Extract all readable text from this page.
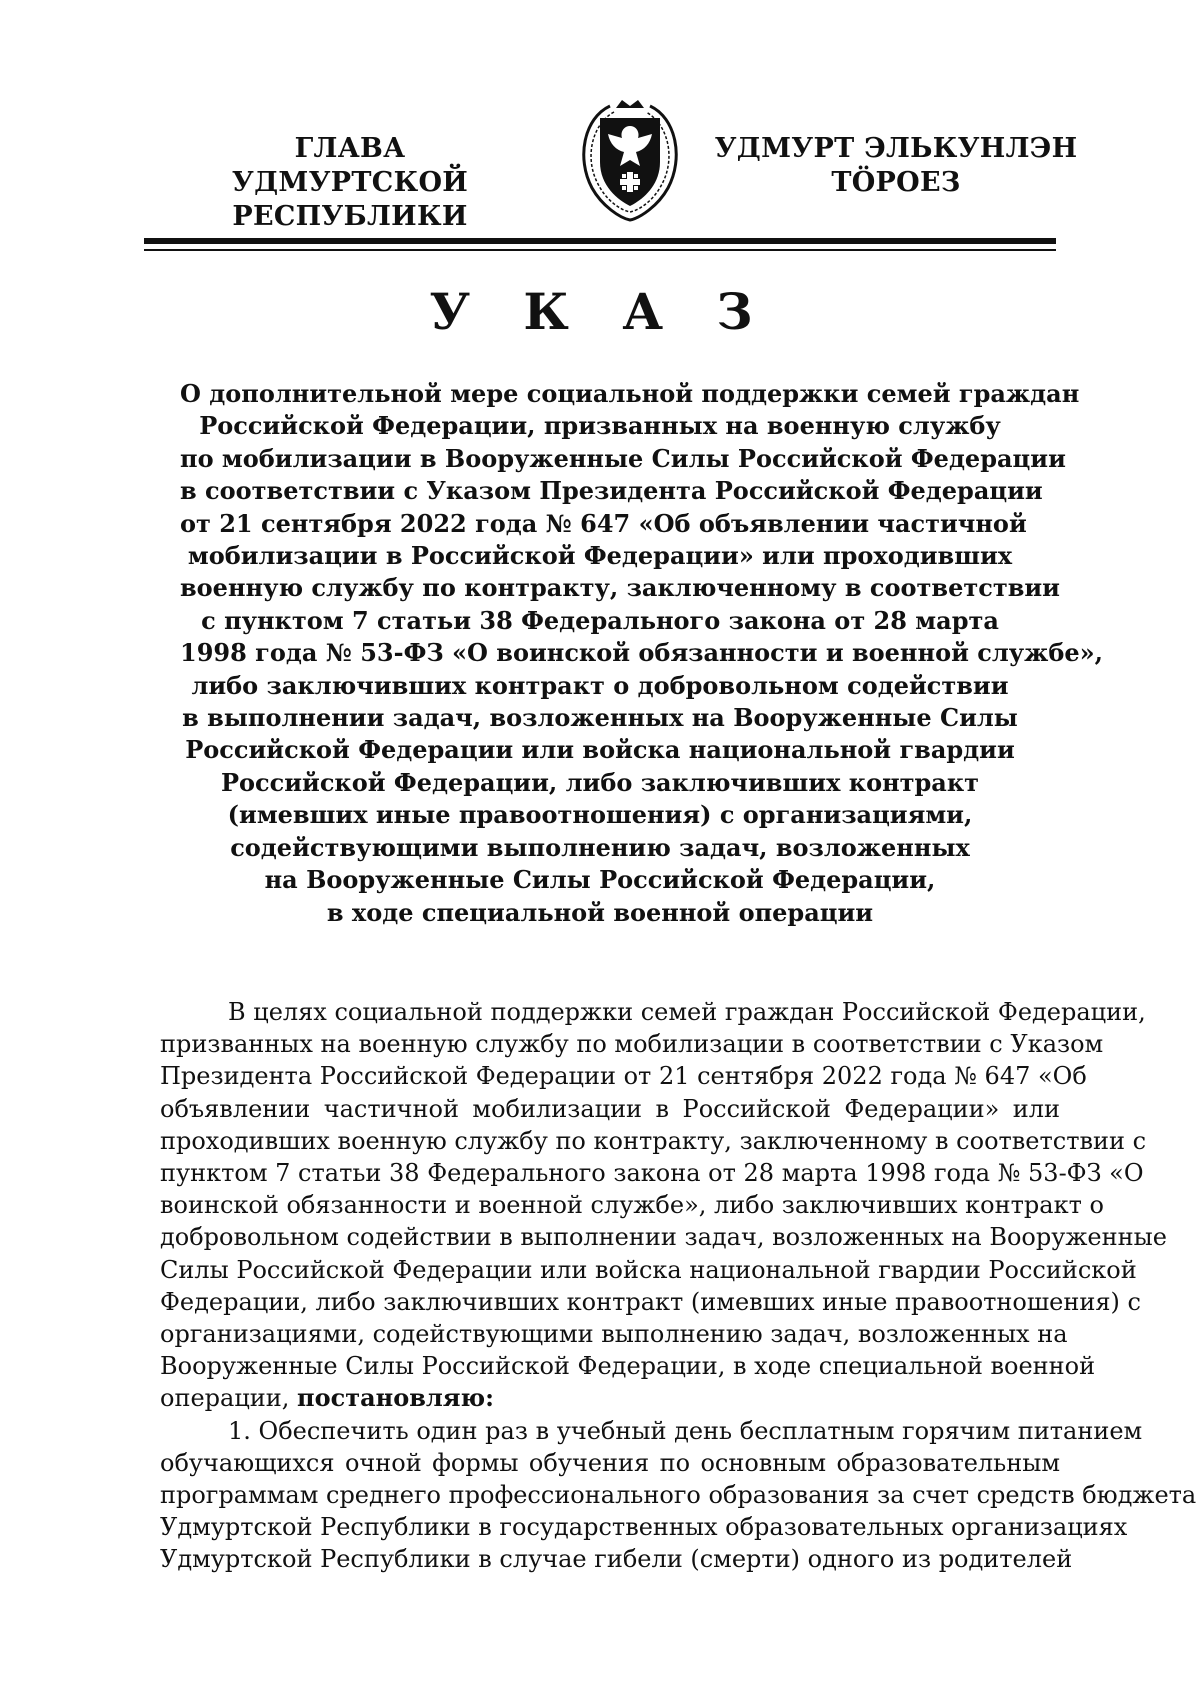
ГЛАВА
УДМУРТСКОЙ РЕСПУБЛИКИ
УДМУРТ ЭЛЬКУНЛЭН
ТӦРОЕЗ
У К А З
О дополнительной мере социальной поддержки семей граждан
Российской Федерации, призванных на военную службу
по мобилизации в Вооруженные Силы Российской Федерации
в соответствии с Указом Президента Российской Федерации
от 21 сентября 2022 года № 647 «Об объявлении частичной
мобилизации в Российской Федерации» или проходивших
военную службу по контракту, заключенному в соответствии
с пунктом 7 статьи 38 Федерального закона от 28 марта
1998 года № 53-ФЗ «О воинской обязанности и военной службе»,
либо заключивших контракт о добровольном содействии
в выполнении задач, возложенных на Вооруженные Силы
Российской Федерации или войска национальной гвардии
Российской Федерации, либо заключивших контракт
(имевших иные правоотношения) с организациями,
содействующими выполнению задач, возложенных
на Вооруженные Силы Российской Федерации,
в ходе специальной военной операции
В целях социальной поддержки семей граждан Российской Федерации,
призванных на военную службу по мобилизации в соответствии с Указом
Президента Российской Федерации от 21 сентября 2022 года № 647 «Об
объявлении частичной мобилизации в Российской Федерации» или
проходивших военную службу по контракту, заключенному в соответствии с
пунктом 7 статьи 38 Федерального закона от 28 марта 1998 года № 53-ФЗ «О
воинской обязанности и военной службе», либо заключивших контракт о
добровольном содействии в выполнении задач, возложенных на Вооруженные
Силы Российской Федерации или войска национальной гвардии Российской
Федерации, либо заключивших контракт (имевших иные правоотношения) с
организациями, содействующими выполнению задач, возложенных на
Вооруженные Силы Российской Федерации, в ходе специальной военной
операции, постановляю:
1. Обеспечить один раз в учебный день бесплатным горячим питанием
обучающихся очной формы обучения по основным образовательным
программам среднего профессионального образования за счет средств бюджета
Удмуртской Республики в государственных образовательных организациях
Удмуртской Республики в случае гибели (смерти) одного из родителей
